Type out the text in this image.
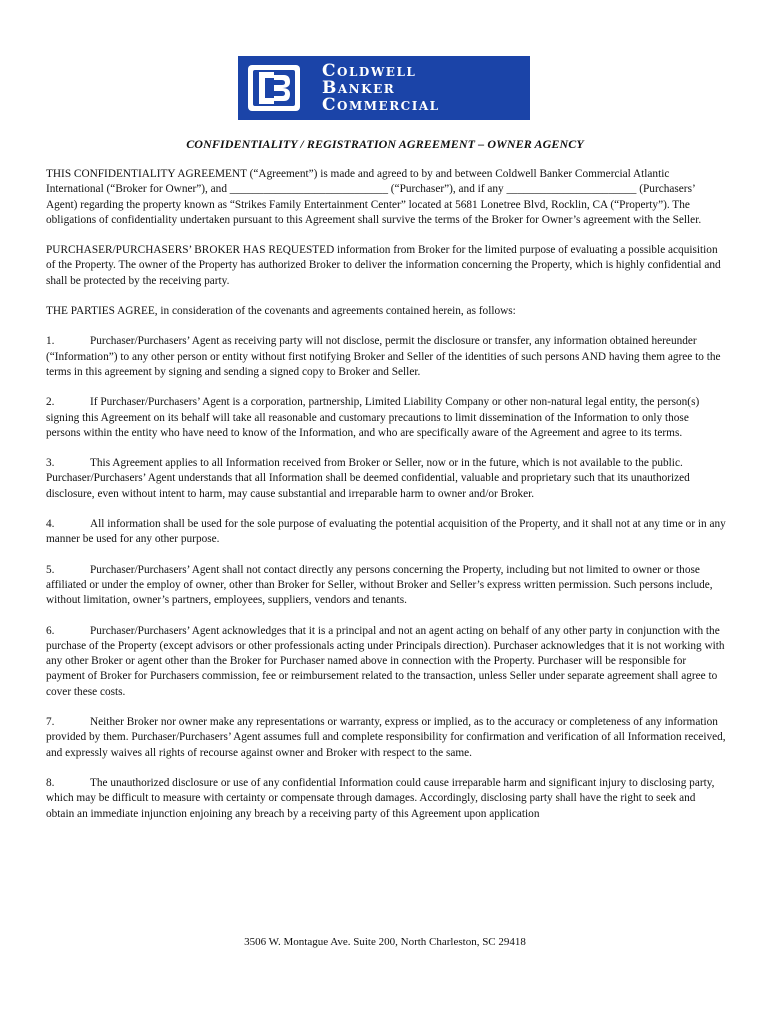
Coldwell
Banker
Commercial
CONFIDENTIALITY / REGISTRATION AGREEMENT – OWNER AGENCY

THIS CONFIDENTIALITY AGREEMENT (“Agreement”) is made and agreed to by and between Coldwell Banker Commercial Atlantic International (“Broker for Owner”), and ____________________________ (“Purchaser”), and if any _______________________ (Purchasers’ Agent) regarding the property known as “Strikes Family Entertainment Center” located at 5681 Lonetree Blvd, Rocklin, CA (“Property”). The obligations of confidentiality undertaken pursuant to this Agreement shall survive the terms of the Broker for Owner’s agreement with the Seller.

PURCHASER/PURCHASERS’ BROKER HAS REQUESTED information from Broker for the limited purpose of evaluating a possible acquisition of the Property. The owner of the Property has authorized Broker to deliver the information concerning the Property, which is highly confidential and shall be protected by the receiving party.

THE PARTIES AGREE, in consideration of the covenants and agreements contained herein, as follows:

1.	Purchaser/Purchasers’ Agent as receiving party will not disclose, permit the disclosure or transfer, any information obtained hereunder (“Information”) to any other person or entity without first notifying Broker and Seller of the identities of such persons AND having them agree to the terms in this agreement by signing and sending a signed copy to Broker and Seller.

2.	If Purchaser/Purchasers’ Agent is a corporation, partnership, Limited Liability Company or other non-natural legal entity, the person(s) signing this Agreement on its behalf will take all reasonable and customary precautions to limit dissemination of the Information to only those persons within the entity who have need to know of the Information, and who are specifically aware of the Agreement and agree to its terms.

3.	This Agreement applies to all Information received from Broker or Seller, now or in the future, which is not available to the public. Purchaser/Purchasers’ Agent understands that all Information shall be deemed confidential, valuable and proprietary such that its unauthorized disclosure, even without intent to harm, may cause substantial and irreparable harm to owner and/or Broker.

4.	All information shall be used for the sole purpose of evaluating the potential acquisition of the Property, and it shall not at any time or in any manner be used for any other purpose.

5.	Purchaser/Purchasers’ Agent shall not contact directly any persons concerning the Property, including but not limited to owner or those affiliated or under the employ of owner, other than Broker for Seller, without Broker and Seller’s express written permission. Such persons include, without limitation, owner’s partners, employees, suppliers, vendors and tenants.

6.	Purchaser/Purchasers’ Agent acknowledges that it is a principal and not an agent acting on behalf of any other party in conjunction with the purchase of the Property (except advisors or other professionals acting under Principals direction). Purchaser acknowledges that it is not working with any other Broker or agent other than the Broker for Purchaser named above in connection with the Property. Purchaser will be responsible for payment of Broker for Purchasers commission, fee or reimbursement related to the transaction, unless Seller under separate agreement shall agree to cover these costs.

7.	Neither Broker nor owner make any representations or warranty, express or implied, as to the accuracy or completeness of any information provided by them. Purchaser/Purchasers’ Agent assumes full and complete responsibility for confirmation and verification of all Information received, and expressly waives all rights of recourse against owner and Broker with respect to the same.

8.	The unauthorized disclosure or use of any confidential Information could cause irreparable harm and significant injury to disclosing party, which may be difficult to measure with certainty or compensate through damages. Accordingly, disclosing party shall have the right to seek and obtain an immediate injunction enjoining any breach by a receiving party of this Agreement upon application

3506 W. Montague Ave. Suite 200, North Charleston, SC 29418
